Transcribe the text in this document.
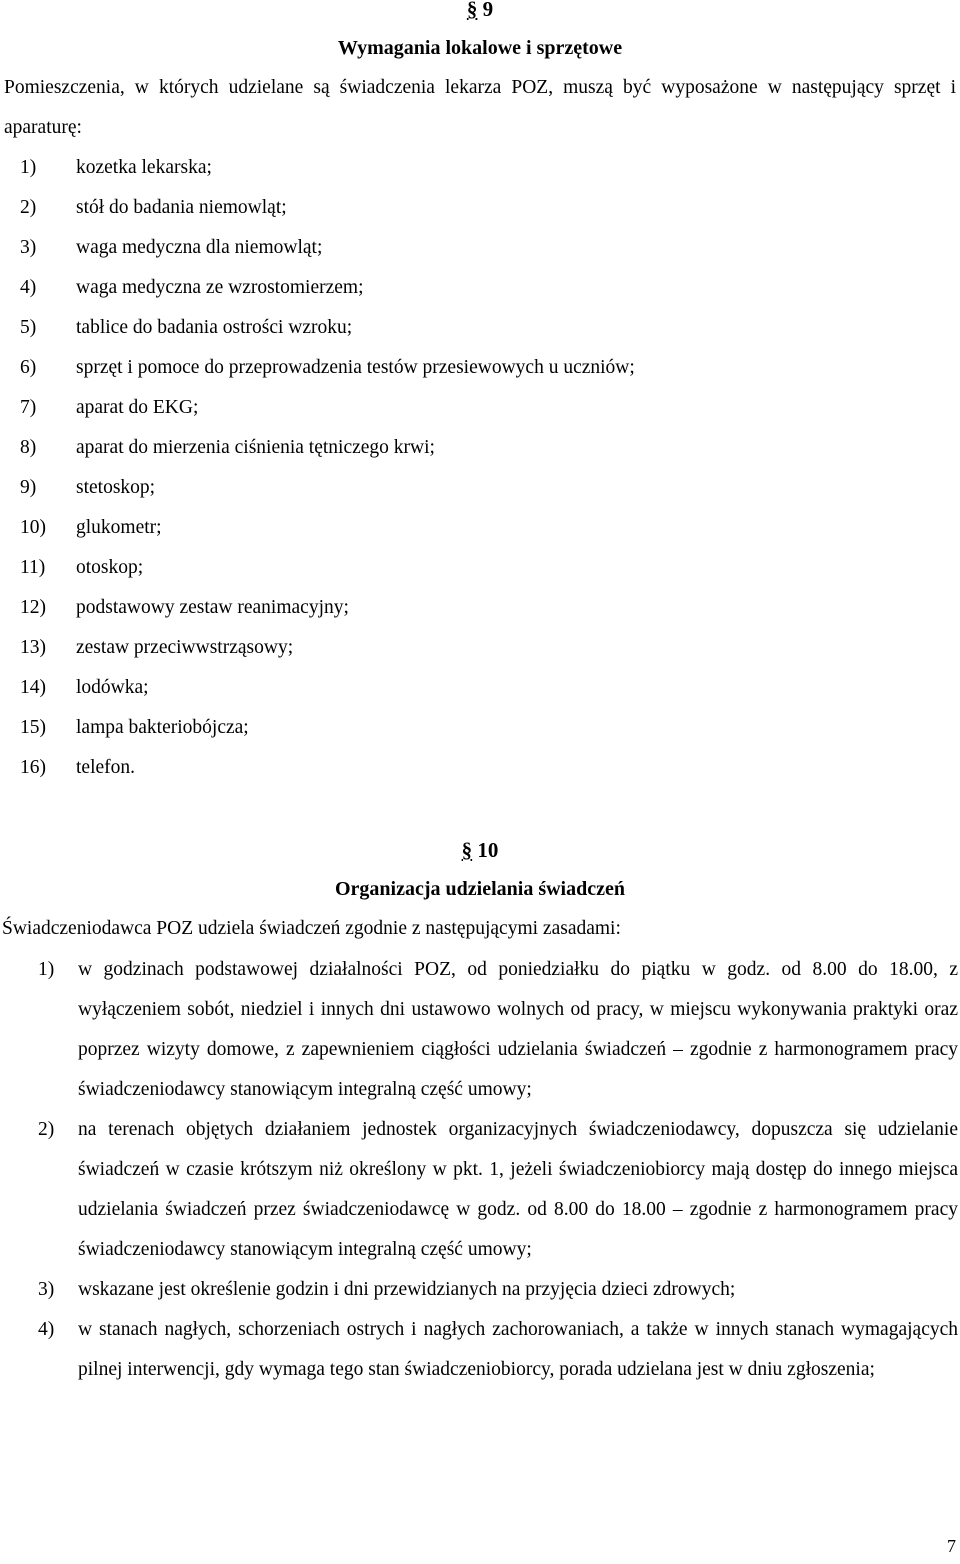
§ 9
Wymagania lokalowe i sprzętowe
Pomieszczenia, w których udzielane są świadczenia lekarza POZ, muszą być wyposażone w następujący sprzęt i aparaturę:
1)	kozetka lekarska;
2)	stół do badania niemowląt;
3)	waga medyczna dla niemowląt;
4)	waga medyczna ze wzrostomierzem;
5)	tablice do badania ostrości wzroku;
6)	sprzęt i pomoce do przeprowadzenia testów przesiewowych u uczniów;
7)	aparat do EKG;
8)	aparat do mierzenia ciśnienia tętniczego krwi;
9)	stetoskop;
10)	glukometr;
11)	otoskop;
12)	podstawowy zestaw reanimacyjny;
13)	zestaw przeciwwstrząsowy;
14)	lodówka;
15)	lampa bakteriobójcza;
16)	telefon.
§ 10
Organizacja udzielania świadczeń
Świadczeniodawca POZ udziela świadczeń zgodnie z następującymi zasadami:
1) w godzinach podstawowej działalności POZ, od poniedziałku do piątku w godz. od 8.00 do 18.00, z wyłączeniem sobót, niedziel i innych dni ustawowo wolnych od pracy, w miejscu wykonywania praktyki oraz poprzez wizyty domowe, z zapewnieniem ciągłości udzielania świadczeń – zgodnie z harmonogramem pracy świadczeniodawcy stanowiącym integralną część umowy;
2) na terenach objętych działaniem jednostek organizacyjnych świadczeniodawcy, dopuszcza się udzielanie świadczeń w czasie krótszym niż określony w pkt. 1, jeżeli świadczeniobiorcy mają dostęp do innego miejsca udzielania świadczeń przez świadczeniodawcę w godz. od 8.00 do 18.00 – zgodnie z harmonogramem pracy świadczeniodawcy stanowiącym integralną część umowy;
3) wskazane jest określenie godzin i dni przewidzianych na przyjęcia dzieci zdrowych;
4) w stanach nagłych, schorzeniach ostrych i nagłych zachorowaniach, a także w innych stanach wymagających pilnej interwencji, gdy wymaga tego stan świadczeniobiorcy, porada udzielana jest w dniu zgłoszenia;
7
